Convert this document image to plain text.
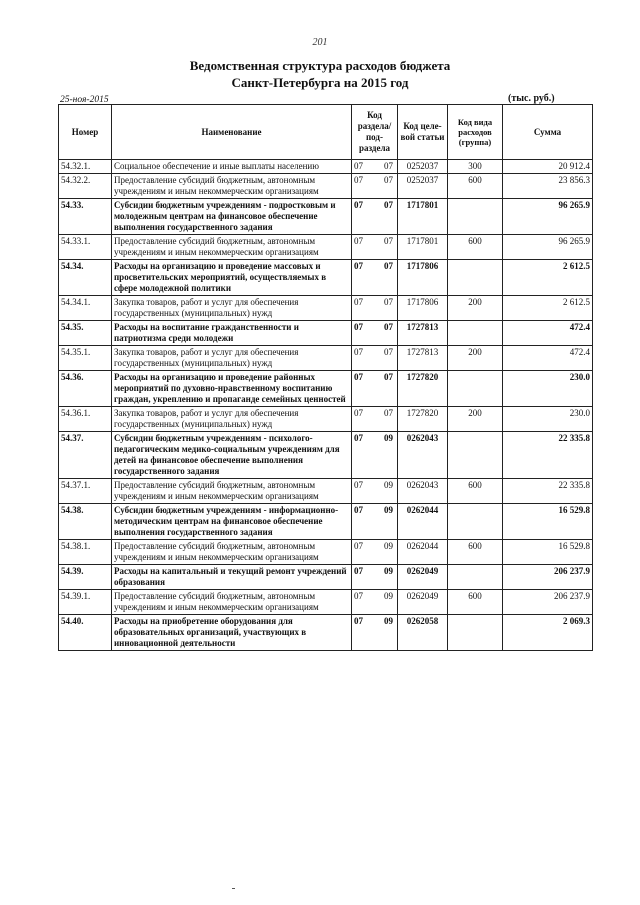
201
Ведомственная структура расходов бюджета
Санкт-Петербурга на 2015 год
25-ноя-2015	(тыс. руб.)
Номер	Наименование	Код раздела/ под-раздела	Код целе-вой статьи	Код вида расходов (группа)	Сумма
54.32.1.	Социальное обеспечение и иные выплаты населению	07 07	0252037	300	20 912.4
54.32.2.	Предоставление субсидий бюджетным, автономным учреждениям и иным некоммерческим организациям	07 07	0252037	600	23 856.3
54.33.	Субсидии бюджетным учреждениям - подростковым и молодежным центрам на финансовое обеспечение выполнения государственного задания	07 07	1717801		96 265.9
54.33.1.	Предоставление субсидий бюджетным, автономным учреждениям и иным некоммерческим организациям	07 07	1717801	600	96 265.9
54.34.	Расходы на организацию и проведение массовых и просветительских мероприятий, осуществляемых в сфере молодежной политики	07 07	1717806		2 612.5
54.34.1.	Закупка товаров, работ и услуг для обеспечения государственных (муниципальных) нужд	07 07	1717806	200	2 612.5
54.35.	Расходы на воспитание гражданственности и патриотизма среди молодежи	07 07	1727813		472.4
54.35.1.	Закупка товаров, работ и услуг для обеспечения государственных (муниципальных) нужд	07 07	1727813	200	472.4
54.36.	Расходы на организацию и проведение районных мероприятий по духовно-нравственному воспитанию граждан, укреплению и пропаганде семейных ценностей	07 07	1727820		230.0
54.36.1.	Закупка товаров, работ и услуг для обеспечения государственных (муниципальных) нужд	07 07	1727820	200	230.0
54.37.	Субсидии бюджетным учреждениям - психолого-педагогическим медико-социальным учреждениям для детей на финансовое обеспечение выполнения государственного задания	07 09	0262043		22 335.8
54.37.1.	Предоставление субсидий бюджетным, автономным учреждениям и иным некоммерческим организациям	07 09	0262043	600	22 335.8
54.38.	Субсидии бюджетным учреждениям - информационно-методическим центрам на финансовое обеспечение выполнения государственного задания	07 09	0262044		16 529.8
54.38.1.	Предоставление субсидий бюджетным, автономным учреждениям и иным некоммерческим организациям	07 09	0262044	600	16 529.8
54.39.	Расходы на капитальный и текущий ремонт учреждений образования	07 09	0262049		206 237.9
54.39.1.	Предоставление субсидий бюджетным, автономным учреждениям и иным некоммерческим организациям	07 09	0262049	600	206 237.9
54.40.	Расходы на приобретение оборудования для образовательных организаций, участвующих в инновационной деятельности	07 09	0262058		2 069.3
